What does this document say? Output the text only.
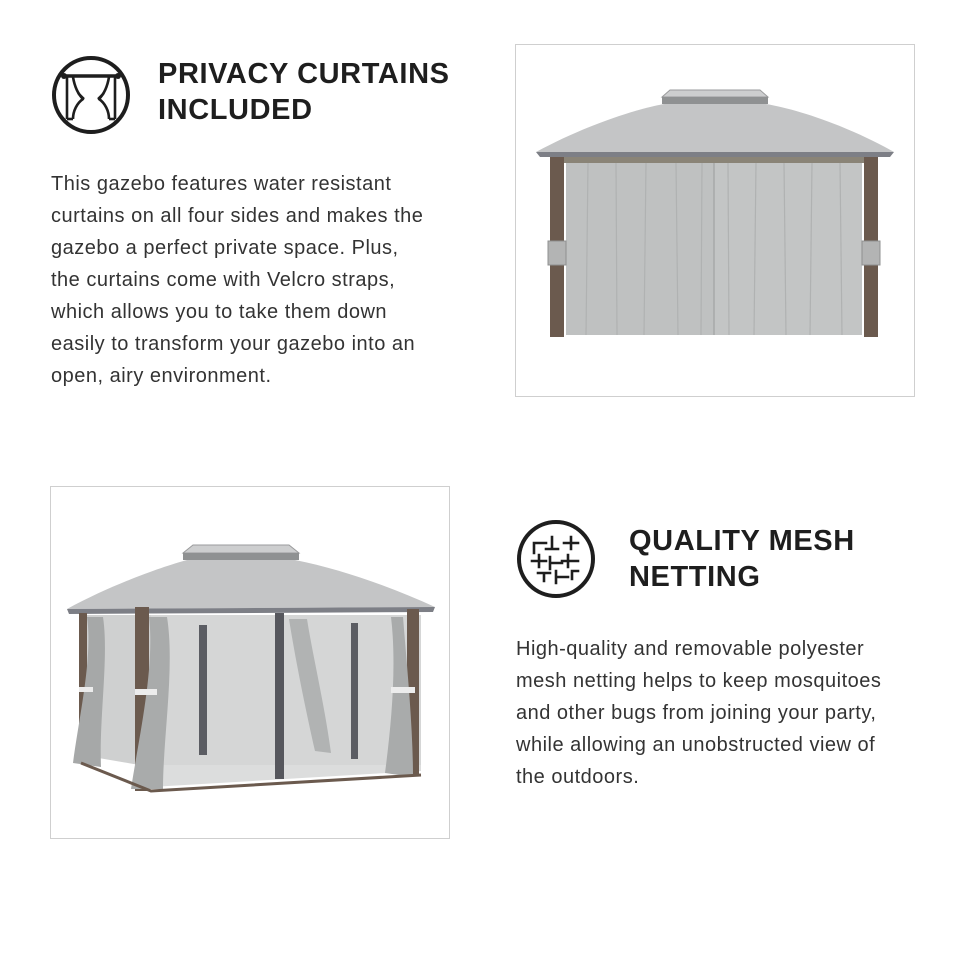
PRIVACY CURTAINS
INCLUDED

This gazebo features water resistant
curtains on all four sides and makes the
gazebo a perfect private space. Plus,
the curtains come with Velcro straps,
which allows you to take them down
easily to transform your gazebo into an
open, airy environment.

QUALITY MESH
NETTING

High-quality and removable polyester
mesh netting helps to keep mosquitoes
and other bugs from joining your party,
while allowing an unobstructed view of
the outdoors.
